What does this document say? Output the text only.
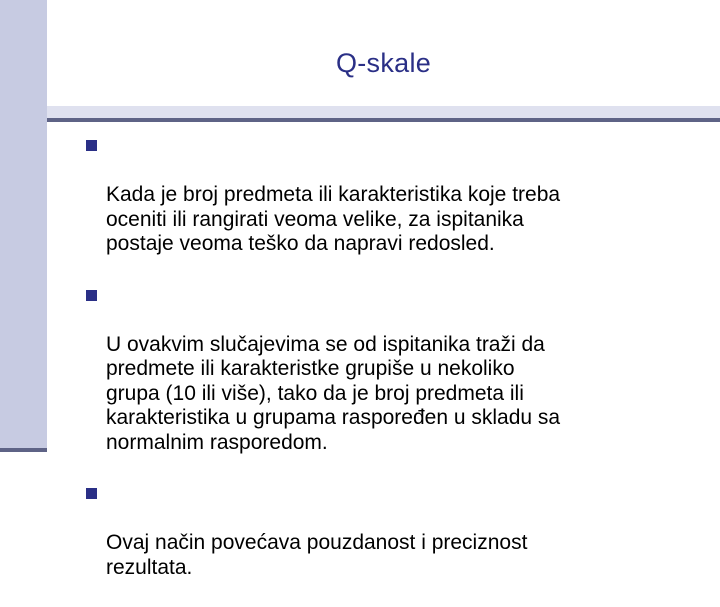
Q-skale

Kada je broj predmeta ili karakteristika koje treba
oceniti ili rangirati veoma velike, za ispitanika
postaje veoma teško da napravi redosled.

U ovakvim slučajevima se od ispitanika traži da
predmete ili karakteristke grupiše u nekoliko
grupa (10 ili više), tako da je broj predmeta ili
karakteristika u grupama raspoređen u skladu sa
normalnim rasporedom.

Ovaj način povećava pouzdanost i preciznost
rezultata.
